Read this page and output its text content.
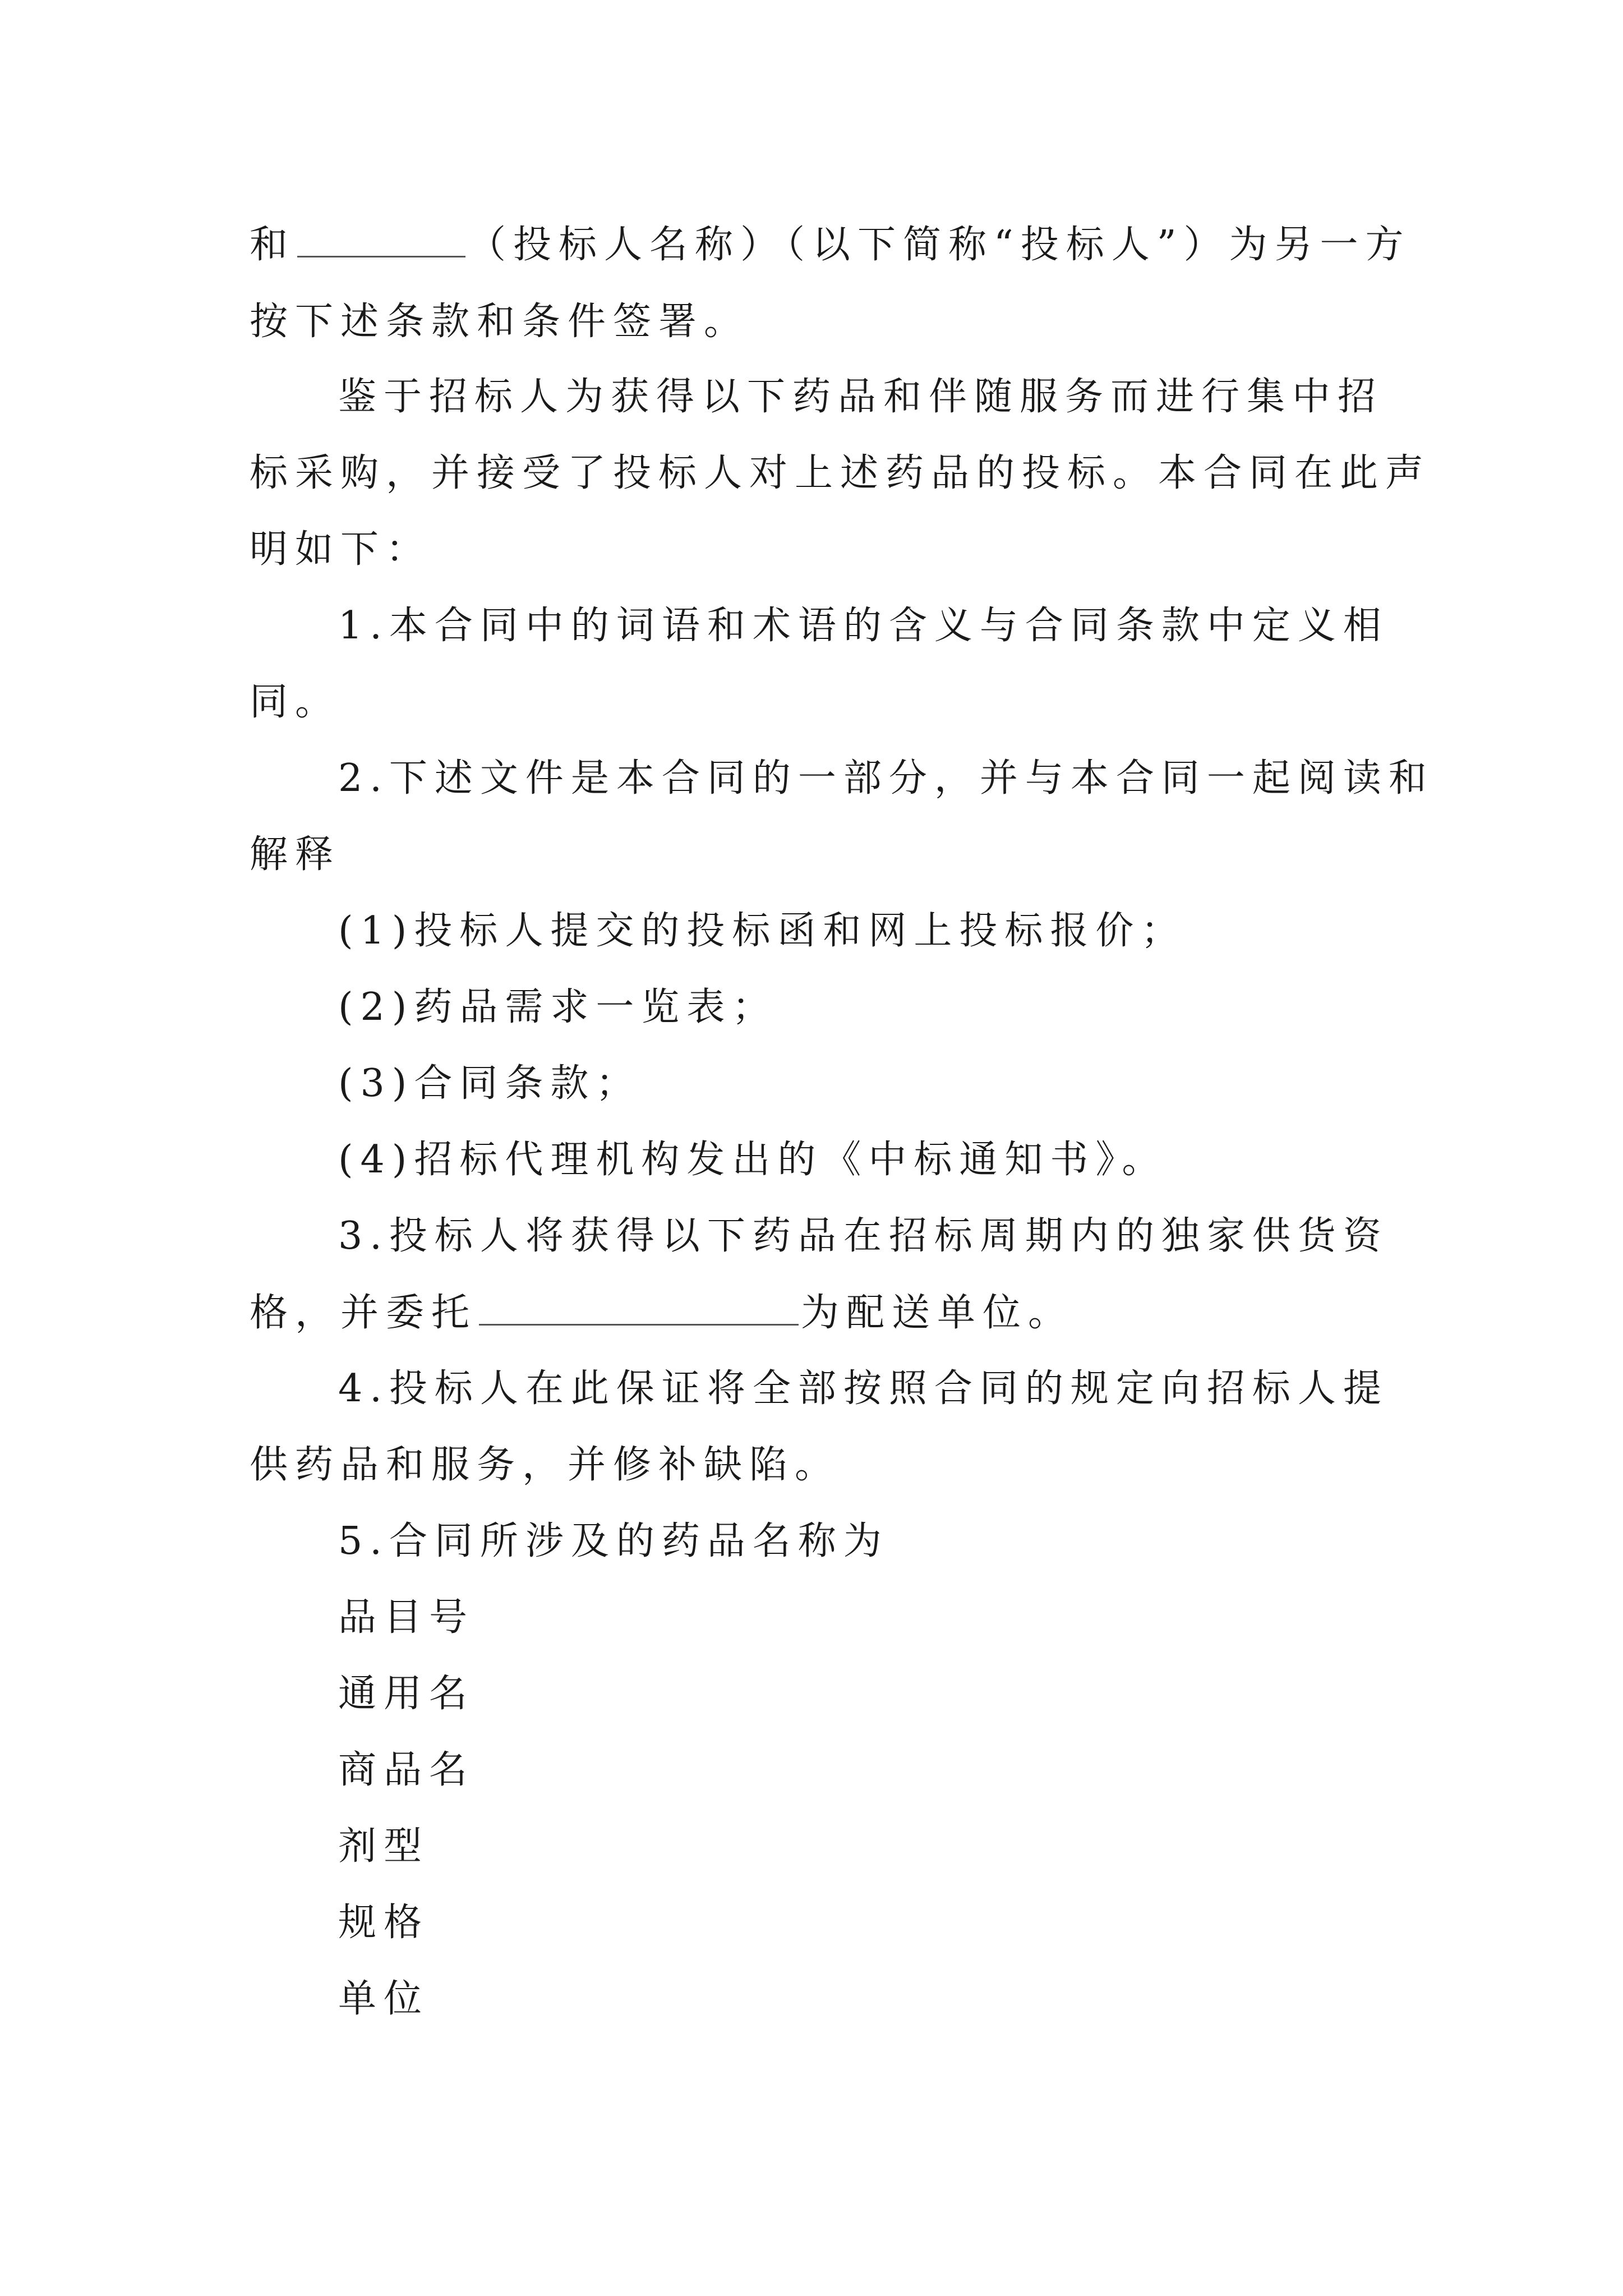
和	（投标人名称）（以下简称“投标人”）为另一方
按下述条款和条件签署。
鉴于招标人为获得以下药品和伴随服务而进行集中招
标采购，并接受了投标人对上述药品的投标。本合同在此声
明如下：
1.本合同中的词语和术语的含义与合同条款中定义相
同。
2.下述文件是本合同的一部分，并与本合同一起阅读和
解释
(1)投标人提交的投标函和网上投标报价；
(2)药品需求一览表；
(3)合同条款；
(4)招标代理机构发出的《中标通知书》。
3.投标人将获得以下药品在招标周期内的独家供货资
格，并委托	为配送单位。
4.投标人在此保证将全部按照合同的规定向招标人提
供药品和服务，并修补缺陷。
5.合同所涉及的药品名称为
品目号
通用名
商品名
剂型
规格
单位
